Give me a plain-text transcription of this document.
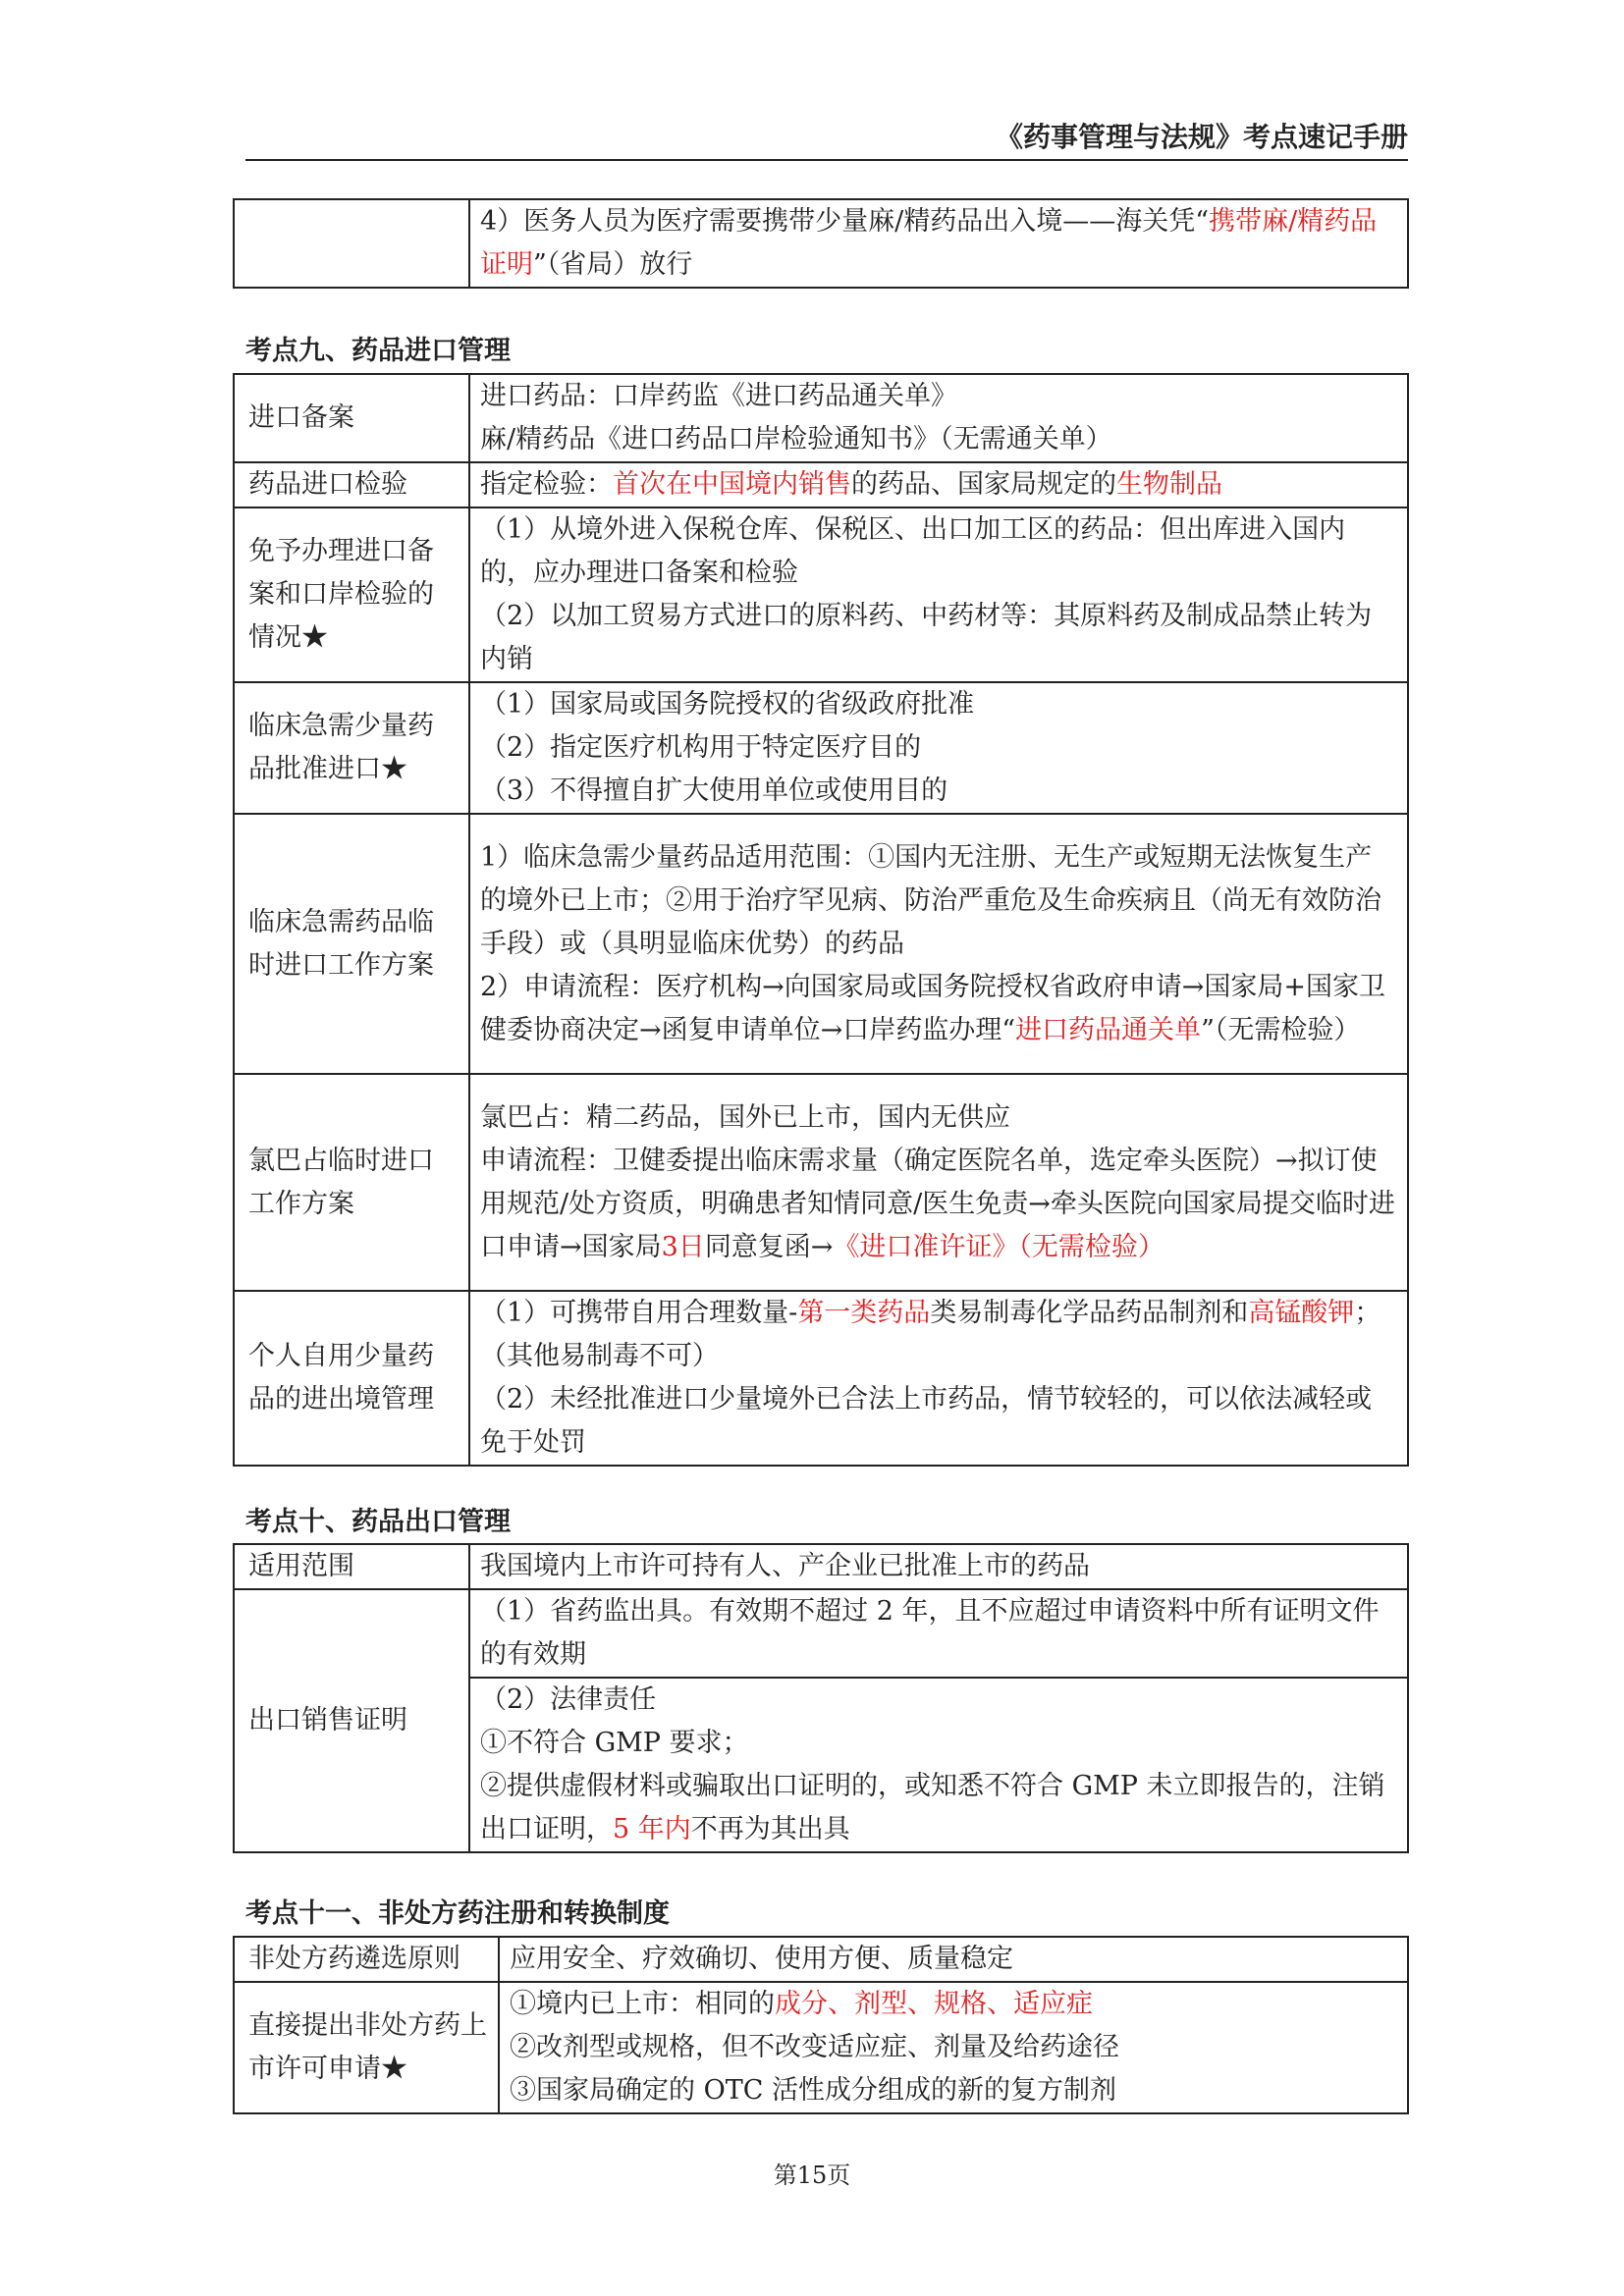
《药事管理与法规》考点速记手册
	4）医务人员为医疗需要携带少量麻/精药品出入境——海关凭“携带麻/精药品证明”（省局）放行
考点九、药品进口管理
进口备案	进口药品：口岸药监《进口药品通关单》
麻/精药品《进口药品口岸检验通知书》（无需通关单）
药品进口检验	指定检验：首次在中国境内销售的药品、国家局规定的生物制品
免予办理进口备案和口岸检验的情况★	（1）从境外进入保税仓库、保税区、出口加工区的药品：但出库进入国内的，应办理进口备案和检验
（2）以加工贸易方式进口的原料药、中药材等：其原料药及制成品禁止转为内销
临床急需少量药品批准进口★	（1）国家局或国务院授权的省级政府批准
（2）指定医疗机构用于特定医疗目的
（3）不得擅自扩大使用单位或使用目的
临床急需药品临时进口工作方案	1）临床急需少量药品适用范围：①国内无注册、无生产或短期无法恢复生产的境外已上市；②用于治疗罕见病、防治严重危及生命疾病且（尚无有效防治手段）或（具明显临床优势）的药品
2）申请流程：医疗机构→向国家局或国务院授权省政府申请→国家局+国家卫健委协商决定→函复申请单位→口岸药监办理“进口药品通关单”（无需检验）
氯巴占临时进口工作方案	氯巴占：精二药品，国外已上市，国内无供应
申请流程：卫健委提出临床需求量（确定医院名单，选定牵头医院）→拟订使用规范/处方资质，明确患者知情同意/医生免责→牵头医院向国家局提交临时进口申请→国家局3日同意复函→《进口准许证》（无需检验）
个人自用少量药品的进出境管理	（1）可携带自用合理数量-第一类药品类易制毒化学品药品制剂和高锰酸钾；（其他易制毒不可）
（2）未经批准进口少量境外已合法上市药品，情节较轻的，可以依法减轻或免于处罚
考点十、药品出口管理
适用范围	我国境内上市许可持有人、产企业已批准上市的药品
出口销售证明	（1）省药监出具。有效期不超过 2 年，且不应超过申请资料中所有证明文件的有效期
	（2）法律责任
①不符合 GMP 要求；
②提供虚假材料或骗取出口证明的，或知悉不符合 GMP 未立即报告的，注销出口证明，5 年内不再为其出具
考点十一、非处方药注册和转换制度
非处方药遴选原则	应用安全、疗效确切、使用方便、质量稳定
直接提出非处方药上市许可申请★	①境内已上市：相同的成分、剂型、规格、适应症
②改剂型或规格，但不改变适应症、剂量及给药途径
③国家局确定的 OTC 活性成分组成的新的复方制剂
第15页
